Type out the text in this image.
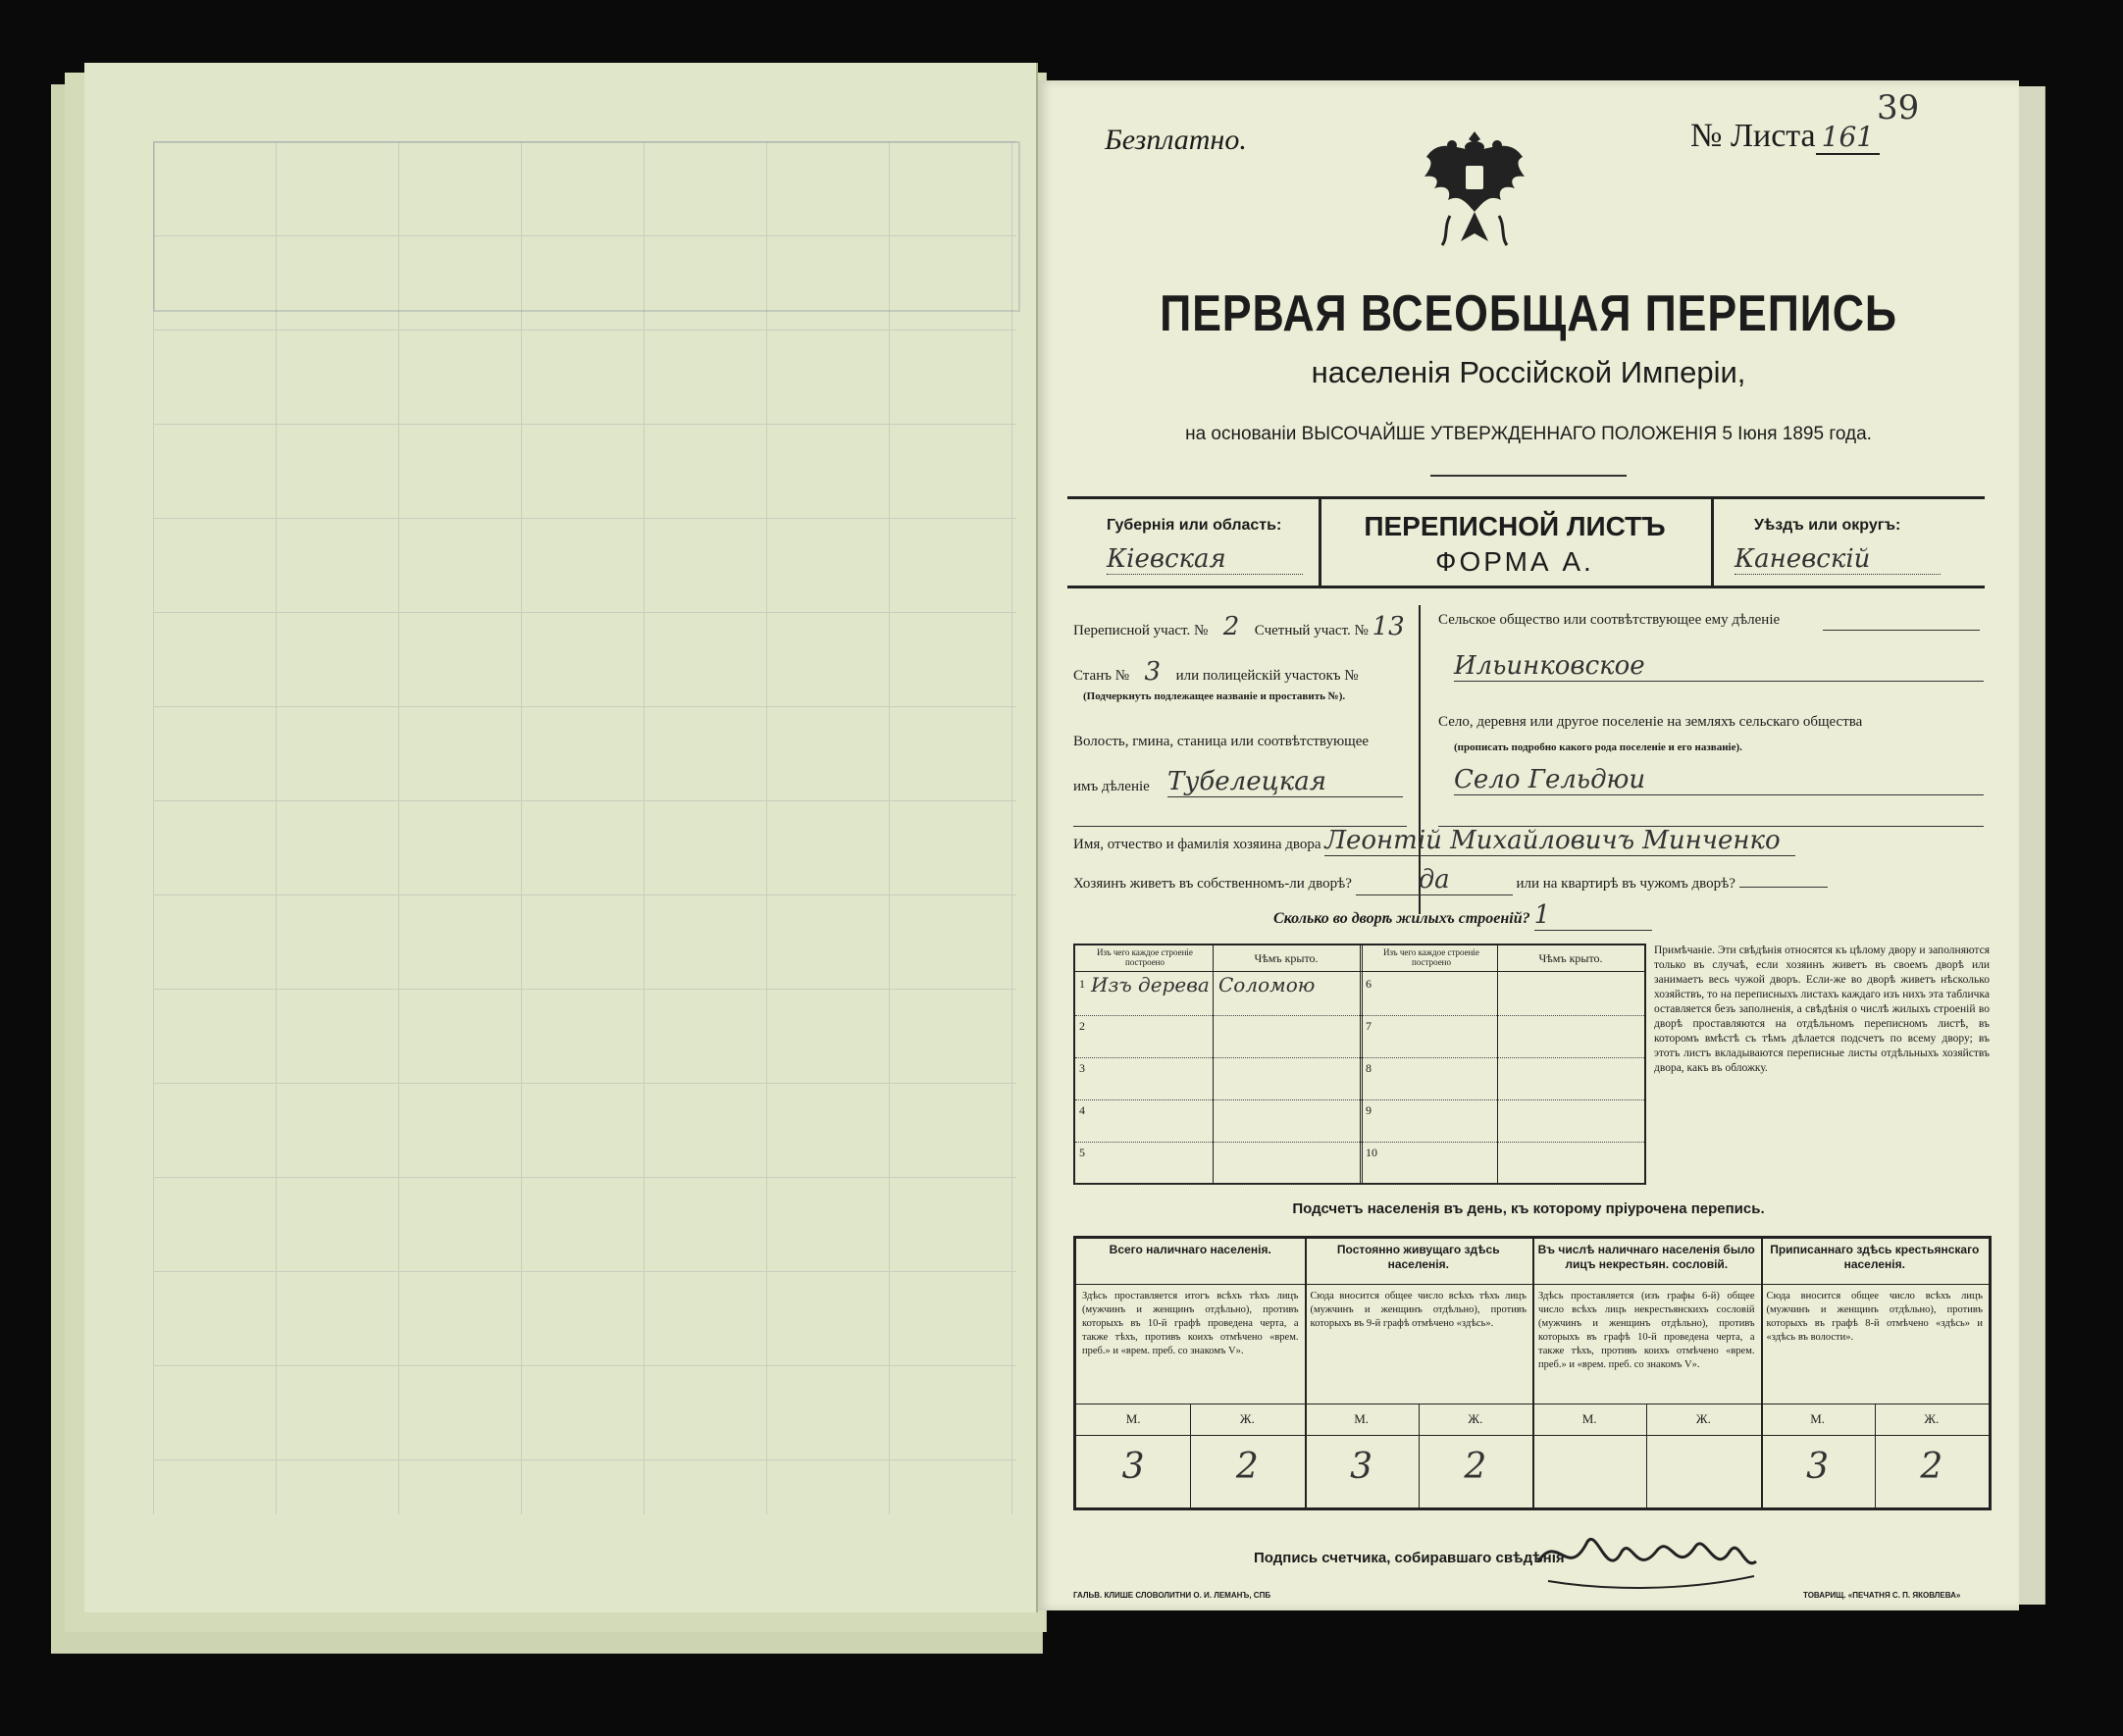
39
Безплатно.	№ Листа 161
ПЕРВАЯ ВСЕОБЩАЯ ПЕРЕПИСЬ
населенія Россійской Имперіи,
на основаніи ВЫСОЧАЙШЕ УТВЕРЖДЕННАГО ПОЛОЖЕНІЯ 5 Іюня 1895 года.
Губернія или область:
Кіевская
ПЕРЕПИСНОЙ ЛИСТЪ
ФОРМА А.
Уѣздъ или округъ:
Каневскій
Переписной участ. № 2 Счетный участ. № 13
Станъ № 3 или полицейскій участокъ №
(Подчеркнуть подлежащее названіе и проставить №).
Волость, гмина, станица или соотвѣтствующее
имъ дѣленіе Тубелецкая
Сельское общество или соотвѣтствующее ему дѣленіе
Ильинковское
Село, деревня или другое поселеніе на земляхъ сельскаго общества
(прописать подробно какого рода поселеніе и его названіе).
Село Гельдюи
Имя, отчество и фамилія хозяина двора Леонтій Михайловичъ Минченко
Хозяинъ живетъ въ собственномъ-ли дворѣ?	да	или на квартирѣ въ чужомъ дворѣ?
Сколько во дворѣ жилыхъ строеній? 1
Изъ чего каждое строеніе построено	Чѣмъ крыто.	Изъ чего каждое строеніе построено	Чѣмъ крыто.
1 Изъ дерева Соломою
2
3
4
5
6
7
8
9
10
Примѣчаніе. Эти свѣдѣнія относятся къ цѣлому двору и заполняются только въ случаѣ, если хозяинъ живетъ въ своемъ дворѣ или занимаетъ весь чужой дворъ. Если-же во дворѣ живетъ нѣсколько хозяйствъ, то на переписныхъ листахъ каждаго изъ нихъ эта табличка оставляется безъ заполненія, а свѣдѣнія о числѣ жилыхъ строеній во дворѣ проставляются на отдѣльномъ переписномъ листѣ, въ которомъ вмѣстѣ съ тѣмъ дѣлается подсчетъ по всему двору; въ этотъ листъ вкладываются переписные листы отдѣльныхъ хозяйствъ двора, какъ въ обложку.
Подсчетъ населенія въ день, къ которому пріурочена перепись.
Всего наличнаго населенія.
Здѣсь проставляется итогъ всѣхъ тѣхъ лицъ (мужчинъ и женщинъ отдѣльно), противъ которыхъ въ 10-й графѣ проведена черта, а также тѣхъ, противъ коихъ отмѣчено «врем. преб.» и «врем. преб. со знакомъ V».
М.	Ж.
3	2
Постоянно живущаго здѣсь населенія.
Сюда вносится общее число всѣхъ тѣхъ лицъ (мужчинъ и женщинъ отдѣльно), противъ которыхъ въ 9-й графѣ отмѣчено «здѣсь».
М.	Ж.
3	2
Въ числѣ наличнаго населенія было лицъ некрестьян. сословій.
Здѣсь проставляется (изъ графы 6-й) общее число всѣхъ лицъ некрестьянскихъ сословій (мужчинъ и женщинъ отдѣльно), противъ которыхъ въ графѣ 10-й проведена черта, а также тѣхъ, противъ коихъ отмѣчено «врем. преб.» и «врем. преб. со знакомъ V».
М.	Ж.
Приписаннаго здѣсь крестьянскаго населенія.
Сюда вносится общее число всѣхъ лицъ (мужчинъ и женщинъ отдѣльно), противъ которыхъ въ графѣ 8-й отмѣчено «здѣсь» и «здѣсь въ волости».
М.	Ж.
3	2
Подпись счетчика, собиравшаго свѣдѣнія
ГАЛЬВ. КЛИШЕ СЛОВОЛИТНИ О. И. ЛЕМАНЪ, СПБ	ТОВАРИЩ. «ПЕЧАТНЯ С. П. ЯКОВЛЕВА»
